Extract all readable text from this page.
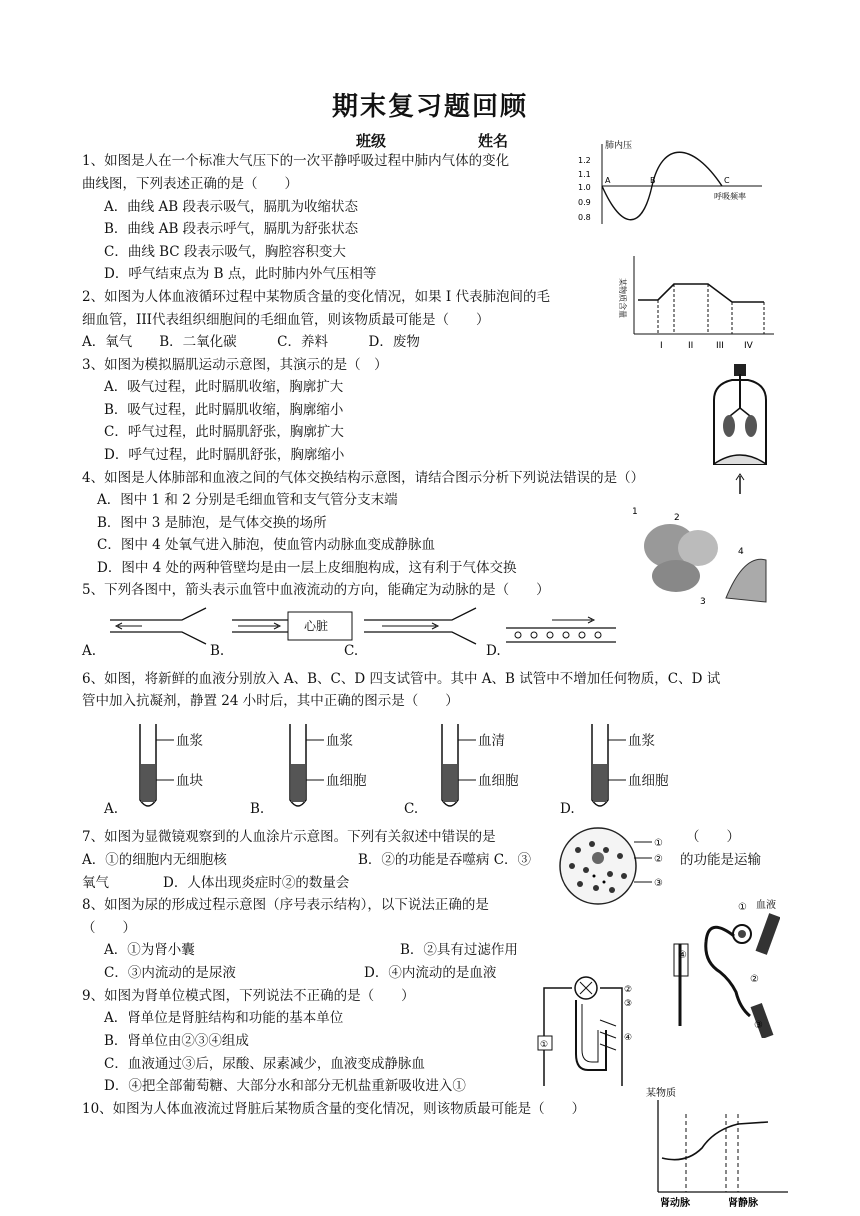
期末复习题回顾
班级	姓名
1、如图是人在一个标准大气压下的一次平静呼吸过程中肺内气体的变化
曲线图，下列表述正确的是（　　）
A．曲线 AB 段表示吸气，膈肌为收缩状态
B．曲线 AB 段表示呼气，膈肌为舒张状态
C．曲线 BC 段表示吸气，胸腔容积变大
D．呼气结束点为 B 点，此时肺内外气压相等
肺内压
1.2
1.1
1.0
0.9
0.8
A	B	C
呼吸频率
2、如图为人体血液循环过程中某物质含量的变化情况，如果 I 代表肺泡间的毛
细血管，III代表组织细胞间的毛细血管，则该物质最可能是（　　）
A．氧气　　B．二氧化碳　　　C．养料　　　D．废物
某物质含量
I	II	III IV
3、如图为模拟膈肌运动示意图，其演示的是（　）
A．吸气过程，此时膈肌收缩，胸廓扩大
B．吸气过程，此时膈肌收缩，胸廓缩小
C．呼气过程，此时膈肌舒张，胸廓扩大
D．呼气过程，此时膈肌舒张，胸廓缩小
4、如图是人体肺部和血液之间的气体交换结构示意图，请结合图示分析下列说法错误的是（）
A．图中 1 和 2 分别是毛细血管和支气管分支末端
B．图中 3 是肺泡，是气体交换的场所
C．图中 4 处氧气进入肺泡，使血管内动脉血变成静脉血
D．图中 4 处的两种管壁均是由一层上皮细胞构成，这有利于气体交换
1
2
3
4
5、下列各图中，箭头表示血管中血液流动的方向，能确定为动脉的是（　　）
心脏
A.	B.	C.	D.
6、如图，将新鲜的血液分别放入 A、B、C、D 四支试管中。其中 A、B 试管中不增加任何物质，C、D 试
管中加入抗凝剂，静置 24 小时后，其中正确的图示是（　　）
血浆
血块
血浆
血细胞
血清
血细胞
血浆
血细胞
A.	B.	C.	D.
7、如图为显微镜观察到的人血涂片示意图。下列有关叙述中错误的是	（　　）
A．①的细胞内无细胞核	B．②的功能是吞噬病 C．③	的功能是运输
氧气　　　　D．人体出现炎症时②的数量会
①
②
③
8、如图为尿的形成过程示意图（序号表示结构），以下说法正确的是
（　　）
A．①为肾小囊	B．②具有过滤作用
C．③内流动的是尿液	D．④内流动的是血液
血液
④
①
②
③
9、如图为肾单位模式图，下列说法不正确的是（　　）
A．肾单位是肾脏结构和功能的基本单位
B．肾单位由②③④组成
C．血液通过③后，尿酸、尿素减少，血液变成静脉血
D．④把全部葡萄糖、大部分水和部分无机盐重新吸收进入①
①
②
③
④
10、如图为人体血液流过肾脏后某物质含量的变化情况，则该物质最可能是（　　）
某物质
肾动脉	肾静脉
